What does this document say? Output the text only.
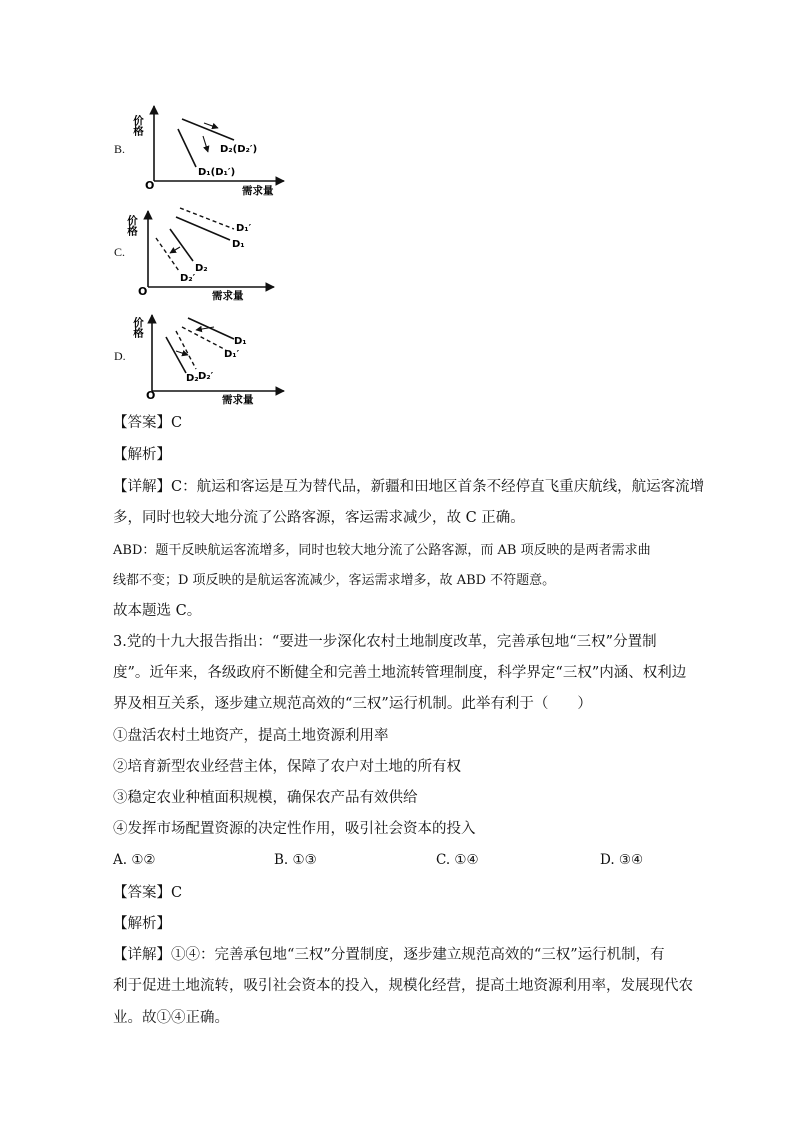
B.
价格
O	需求量
D₂(D₂′)
D₁(D₁′)
C.
价格
O	需求量
D₁′
D₁
D₂
D₂′
D.
价格
O	需求量
D₁
D₁′
D₂ D₂′
【答案】C
【解析】
【详解】C：航运和客运是互为替代品，新疆和田地区首条不经停直飞重庆航线，航运客流增
多，同时也较大地分流了公路客源，客运需求减少，故 C 正确。
ABD：题干反映航运客流增多，同时也较大地分流了公路客源，而 AB 项反映的是两者需求曲
线都不变；D 项反映的是航运客流减少，客运需求增多，故 ABD 不符题意。
故本题选 C。
3.党的十九大报告指出：“要进一步深化农村土地制度改革，完善承包地“三权”分置制
度”。近年来，各级政府不断健全和完善土地流转管理制度，科学界定“三权”内涵、权利边
界及相互关系，逐步建立规范高效的“三权”运行机制。此举有利于（　　）
①盘活农村土地资产，提高土地资源利用率
②培育新型农业经营主体，保障了农户对土地的所有权
③稳定农业种植面积规模，确保农产品有效供给
④发挥市场配置资源的决定性作用，吸引社会资本的投入
A. ①②	B. ①③	C. ①④	D. ③④
【答案】C
【解析】
【详解】①④：完善承包地“三权”分置制度，逐步建立规范高效的“三权”运行机制，有
利于促进土地流转，吸引社会资本的投入，规模化经营，提高土地资源利用率，发展现代农
业。故①④正确。
